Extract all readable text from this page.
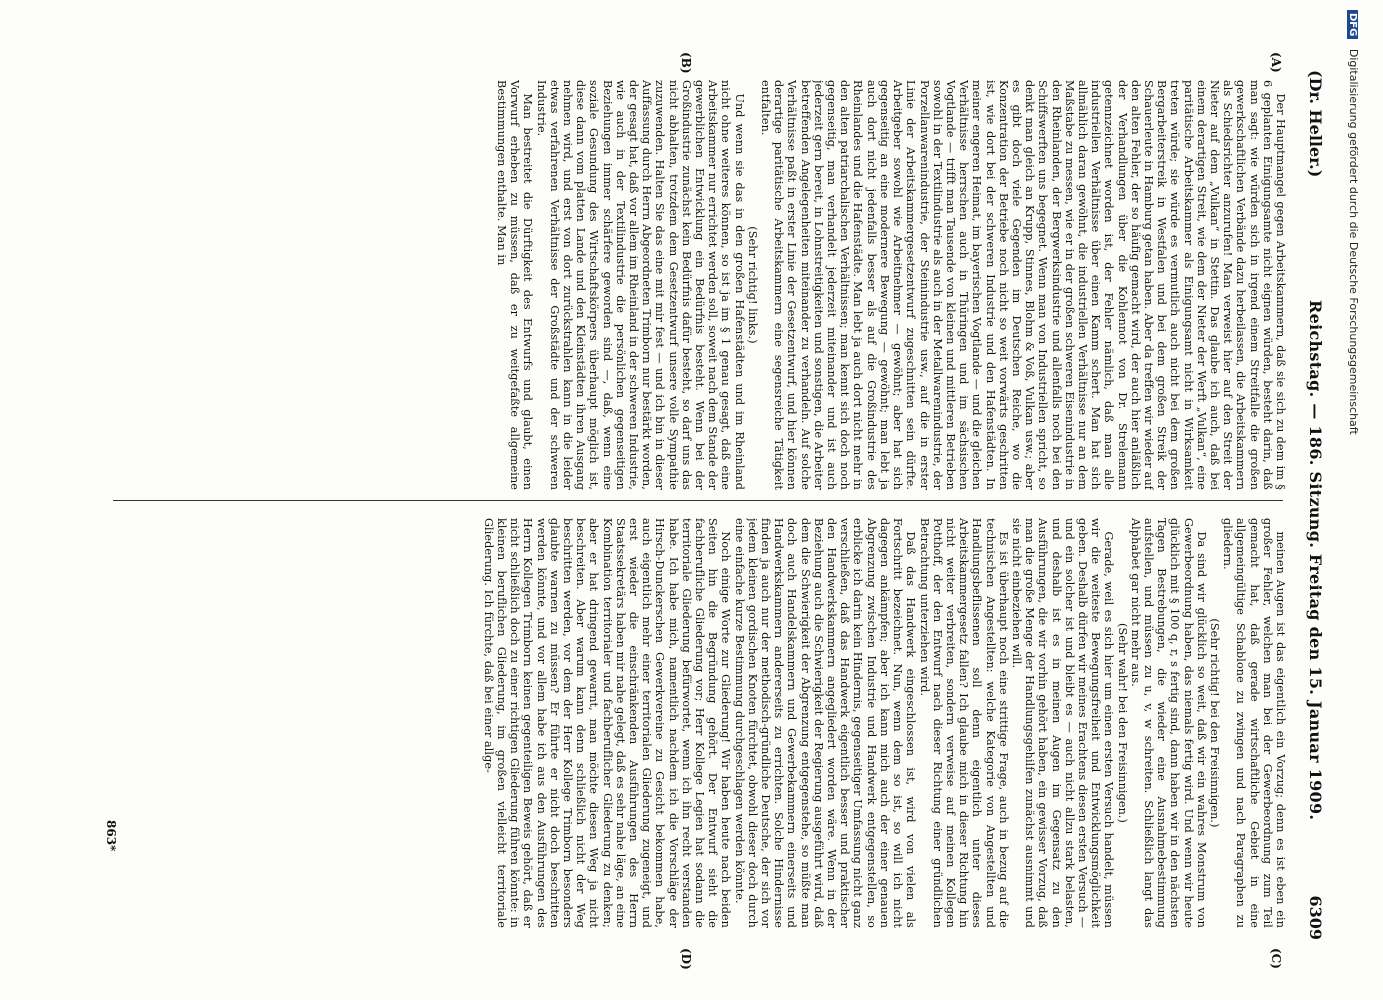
(Dr. Heller.)
Reichstag. — 186. Sitzung. Freitag den 15. Januar 1909.
6309
(A)
(B)
(C)
(D)

Der Hauptmangel gegen Arbeitskammern, daß sie sich zu dem im § 6 geplanten Einigungsamte nicht eignen würden, besteht darin, daß man sagt: wie würden sich in irgend einem Streitfalle die großen gewerkschaftlichen Verbände dazu herbeilassen, die Arbeitskammern als Schiedsrichter anzurufen! Man verweist hier auf den Streit der Nieter auf dem „Vulkan“ in Stettin. Das glaube ich auch, daß bei einem derartigen Streit, wie dem der Nieter der Werft „Vulkan“, eine paritätische Arbeitskammer als Einigungsamt nicht in Wirksamkeit treten würde; sie würde es vermutlich auch nicht bei dem großen Bergarbeiterstreik in Westfalen und bei dem großen Streik der Schauerleute in Hamburg getan haben. Aber da treffen wir wieder auf den alten Fehler, der so häufig gemacht wird, der auch hier anläßlich der Verhandlungen über die Kohlennot von Dr. Strelemann getennzeichnet worden ist, der Fehler nämlich, daß man alle industriellen Verhältnisse über einen Kamm schert. Man hat sich allmählich daran gewöhnt, die industriellen Verhältnisse nur an dem Maßstabe zu messen, wie er in der großen schweren Eisenindustrie in den Rheinlanden, der Bergwerksindustrie und allenfalls noch bei den Schiffswerften uns begegnet. Wenn man von Industriellen spricht, so denkt man gleich an Krupp, Stinnes, Blohm & Voß, Vulkan usw.; aber es gibt doch viele Gegenden im Deutschen Reiche, wo die Konzentration der Betriebe noch nicht so weit vorwärts geschritten ist, wie dort bei der schweren Industrie und den Hafenstädten. In meiner engeren Heimat, im bayerischen Vogtlande — und die gleichen Verhältnisse herrschen auch in Thüringen und im sächsischen Vogtlande — trifft man Tausende von kleinen und mittleren Betrieben sowohl in der Textilindustrie als auch in der Metallwarenindustrie, der Porzellanwarenindustrie, der Steinindustrie usw., auf die in erster Linie der Arbeitskammergesetzentwurf zugeschnitten sein dürfte. Arbeitgeber sowohl wie Arbeitnehmer — gewöhnt; aber hat sich gegenseitig an eine modernere Bewegung — gewöhnt; man lebt ja auch dort nicht jedenfalls besser als auf die Großindustrie des Rheinlandes und die Hafenstädte. Man lebt ja auch dort nicht mehr in den alten patriarchalischen Verhältnissen; man kennt sich doch noch gegenseitig, man verhandelt jederzeit miteinander und ist auch jederzeit gern bereit, in Lohnstreitigkeiten und sonstigen, die Arbeiter betreffenden Angelegenheiten miteinander zu verhandeln. Auf solche Verhältnisse paßt in erster Linie der Gesetzentwurf, und hier können derartige paritätische Arbeitskammern eine segensreiche Tätigkeit entfalten.

(Sehr richtig! links.)

Und wenn sie das in den großen Hafenstädten und im Rheinland nicht ohne weiteres können, so ist ja im § 1 genau gesagt, daß eine Arbeitskammer nur errichtet werden soll, soweit nach dem Stande der gewerblichen Entwicklung ein Bedürfnis besteht. Wenn bei der Großindustrie zunächst kein Bedürfnis dafür besteht, so darf uns das nicht abhalten, trotzdem dem Gesetzentwurf unsere volle Sympathie zuzuwenden. Halten Sie das eine mit mir fest — und ich bin in dieser Auffassung durch Herrn Abgeordneten Trimborn nur bestärkt worden, der gesagt hat, daß vor allem im Rheinland in der schweren Industrie, wie auch in der Textilindustrie die persönlichen gegenseitigen Beziehungen immer schärfere geworden sind —, daß, wenn eine soziale Gesundung des Wirtschaftskörpers überhaupt möglich ist, diese dann vom platten Lande und den Kleinstädten ihren Ausgang nehmen wird, und erst von dort zurückstrahlen kann in die leider etwas verfahrenen Verhältnisse der Großstädte und der schweren Industrie.

Man bestreitet die Dürftigkeit des Entwurfs und glaubt, einen Vorwurf erheben zu müssen, daß er zu weitgefaßte allgemeine Bestimmungen enthalte. Man in

meinen Augen ist das eigentlich ein Vorzug; denn es ist eben ein großer Fehler, welchen man bei der Gewerbeordnung zum Teil gemacht hat, daß gerade wirtschaftliche Gebiet in eine allgemeingültige Schablone zu zwingen und nach Paragraphen zu gliedern.

(Sehr richtig! bei den Freisinnigen.)

Da sind wir glücklich so weit, daß wir ein wahres Monstrum von Gewerbeordnung haben, das niemals fertig wird. Und wenn wir heute glücklich mit § 100 q, r, s fertig sind, dann haben wir in den nächsten Tagen Bestrebungen, die wieder eine Ausnahmebestimmung aufstellen, und müssen zu u, v, w schreiten. Schließlich langt das Alphabet gar nicht mehr aus.

(Sehr wahr! bei den Freisinnigen.)

Gerade, weil es sich hier um einen ersten Versuch handelt, müssen wir die weiteste Bewegungsfreiheit und Entwicklungsmöglichkeit geben. Deshalb dürfen wir meines Erachtens diesen ersten Versuch — und ein solcher ist und bleibt es — auch nicht allzu stark belasten, und deshalb ist es in meinen Augen im Gegensatz zu den Ausführungen, die wir vorhin gehört haben, ein gewisser Vorzug, daß man die große Menge der Handlungsgehilfen zunächst ausnimmt und sie nicht einbeziehen will.

Es ist überhaupt noch eine strittige Frage, auch in bezug auf die technischen Angestellten: welche Kategorie von Angestellten und Handlungsbeflissenen soll denn eigentlich unter dieses Arbeitskammergesetz fallen? Ich glaube mich in dieser Richtung hin nicht weiter verbreiten, sondern verweise auf meinen Kollegen Potthoff, der den Entwurf nach dieser Richtung einer gründlichen Betrachtung unterziehen wird.

Daß das Handwerk eingeschlossen ist, wird von vielen als Fortschritt bezeichnet. Nun, wenn dem so ist, so will ich nicht dagegen ankämpfen; aber ich kann mich auch der einer genauen Abgrenzung zwischen Industrie und Handwerk entgegenstellen, so erblicke ich darin kein Hindernis, gegenseitiger Umfassung nicht ganz verschließen, daß das Handwerk eigentlich besser und praktischer den Handwerkskammern angegliedert worden wäre. Wenn in der Beziehung auch die Schwierigkeit der Regierung ausgeführt wird, daß dem die Schwierigkeit der Abgrenzung entgegenstehe, so müßte man doch auch Handelskammern und Gewerbekammern einerseits und Handwerkskammern andererseits zu errichten. Solche Hindernisse finden ja auch nur der methodisch-gründliche Deutsche, der sich vor jedem kleinen gordischen Knoten fürchtet, obwohl dieser doch durch eine einfache kurze Bestimmung durchgeschlagen werden könnte.

Noch einige Worte zur Gliederung! Wir haben heute nach beiden Seiten hin die Begründung gehört. Der Entwurf sieht die fachberufliche Gliederung vor; Herr Kollege Legien hat sodann die territoriale Gliederung befürwortet, wenn ich ihn recht verstanden habe. Ich habe mich, namentlich nachdem ich die Vorschläge der Hirsch-Dunckerschen Gewerkvereine zu Gesicht bekommen habe, auch eigentlich mehr einer territorialen Gliederung zugeneigt, und erst wieder die einschränkenden Ausführungen des Herrn Staatssekretärs haben mir nahe gelegt, daß es sehr nahe läge, an eine Kombination territorialer und fachberuflicher Gliederung zu denken; aber er hat dringend gewarnt, man möchte diesen Weg ja nicht beschreiten. Aber warum kann denn schließlich nicht der Weg beschritten werden, vor dem der Herr Kollege Trimborn besonders glaubte warnen zu müssen? Er führte er nicht doch beschritten werden könnte, und vor allem habe ich aus den Ausführungen des Herrn Kollegen Trimborn keinen gegenteiligen Beweis gehört, daß er nicht schließlich doch zu einer richtigen Gliederung führen könnte: in kleinen beruflichen Gliederung, im großen vielleicht territoriale Gliederung. Ich fürchte, daß bei einer allge-

863*
DFG Digitalisierung gefördert durch die Deutsche Forschungsgemeinschaft
